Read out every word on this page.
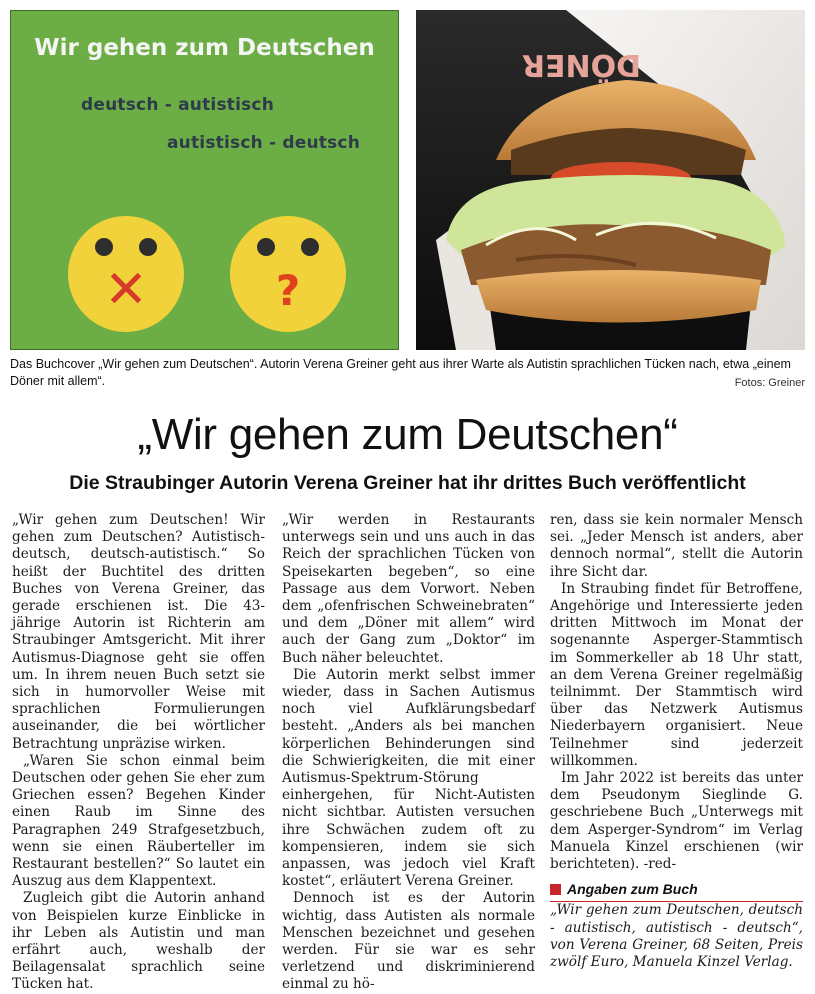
Wir gehen zum Deutschen
deutsch - autistisch
autistisch - deutsch
✕	?
DÖNER
Das Buchcover „Wir gehen zum Deutschen“. Autorin Verena Greiner geht aus ihrer Warte als Autistin sprachlichen Tücken nach, etwa „einem Döner mit allem“.	Fotos: Greiner
„Wir gehen zum Deutschen“
Die Straubinger Autorin Verena Greiner hat ihr drittes Buch veröffentlicht

„Wir gehen zum Deutschen! Wir gehen zum Deutschen? Autistisch-deutsch, deutsch-autistisch.“ So heißt der Buchtitel des dritten Buches von Verena Greiner, das gerade erschienen ist. Die 43-jährige Autorin ist Richterin am Straubinger Amtsgericht. Mit ihrer Autismus-Diagnose geht sie offen um. In ihrem neuen Buch setzt sie sich in humorvoller Weise mit sprachlichen Formulierungen auseinander, die bei wörtlicher Betrachtung unpräzise wirken.

„Waren Sie schon einmal beim Deutschen oder gehen Sie eher zum Griechen essen? Begehen Kinder einen Raub im Sinne des Paragraphen 249 Strafgesetzbuch, wenn sie einen Räuberteller im Restaurant bestellen?“ So lautet ein Auszug aus dem Klappentext.

Zugleich gibt die Autorin anhand von Beispielen kurze Einblicke in ihr Leben als Autistin und man erfährt auch, weshalb der Beilagensalat sprachlich seine Tücken hat.

„Wir werden in Restaurants unterwegs sein und uns auch in das Reich der sprachlichen Tücken von Speisekarten begeben“, so eine Passage aus dem Vorwort. Neben dem „ofenfrischen Schweinebraten“ und dem „Döner mit allem“ wird auch der Gang zum „Doktor“ im Buch näher beleuchtet.

Die Autorin merkt selbst immer wieder, dass in Sachen Autismus noch viel Aufklärungsbedarf besteht. „Anders als bei manchen körperlichen Behinderungen sind die Schwierigkeiten, die mit einer Autismus-Spektrum-Störung einhergehen, für Nicht-Autisten nicht sichtbar. Autisten versuchen ihre Schwächen zudem oft zu kompensieren, indem sie sich anpassen, was jedoch viel Kraft kostet“, erläutert Verena Greiner.

Dennoch ist es der Autorin wichtig, dass Autisten als normale Menschen bezeichnet und gesehen werden. Für sie war es sehr verletzend und diskriminierend einmal zu hö-

ren, dass sie kein normaler Mensch sei. „Jeder Mensch ist anders, aber dennoch normal“, stellt die Autorin ihre Sicht dar.

In Straubing findet für Betroffene, Angehörige und Interessierte jeden dritten Mittwoch im Monat der sogenannte Asperger-Stammtisch im Sommerkeller ab 18 Uhr statt, an dem Verena Greiner regelmäßig teilnimmt. Der Stammtisch wird über das Netzwerk Autismus Niederbayern organisiert. Neue Teilnehmer sind jederzeit willkommen.

Im Jahr 2022 ist bereits das unter dem Pseudonym Sieglinde G. geschriebene Buch „Unterwegs mit dem Asperger-Syndrom“ im Verlag Manuela Kinzel erschienen (wir berichteten). -red-

Angaben zum Buch

„Wir gehen zum Deutschen, deutsch - autistisch, autistisch - deutsch“, von Verena Greiner, 68 Seiten, Preis zwölf Euro, Manuela Kinzel Verlag.
